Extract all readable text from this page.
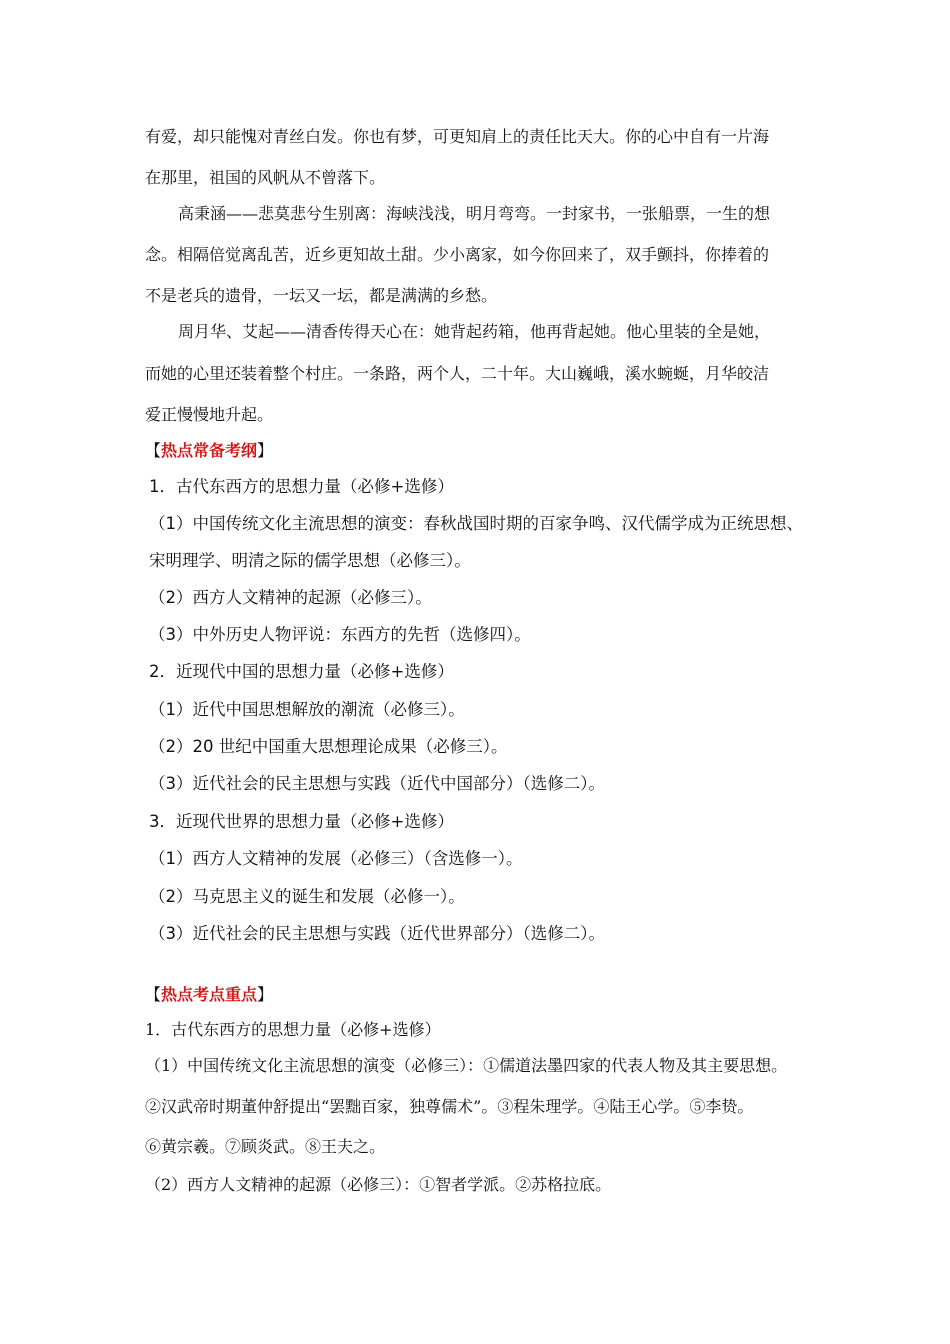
有爱，却只能愧对青丝白发。你也有梦，可更知肩上的责任比天大。你的心中自有一片海
在那里，祖国的风帆从不曾落下。
高秉涵——悲莫悲兮生别离：海峡浅浅，明月弯弯。一封家书，一张船票，一生的想
念。相隔倍觉离乱苦，近乡更知故土甜。少小离家，如今你回来了，双手颤抖，你捧着的
不是老兵的遗骨，一坛又一坛，都是满满的乡愁。
周月华、艾起——清香传得天心在：她背起药箱，他再背起她。他心里装的全是她，
而她的心里还装着整个村庄。一条路，两个人，二十年。大山巍峨，溪水蜿蜒，月华皎洁
爱正慢慢地升起。
【热点常备考纲】
1．古代东西方的思想力量（必修+选修）
（1）中国传统文化主流思想的演变：春秋战国时期的百家争鸣、汉代儒学成为正统思想、
宋明理学、明清之际的儒学思想（必修三）。
（2）西方人文精神的起源（必修三）。
（3）中外历史人物评说：东西方的先哲（选修四）。
2．近现代中国的思想力量（必修+选修）
（1）近代中国思想解放的潮流（必修三）。
（2）20 世纪中国重大思想理论成果（必修三）。
（3）近代社会的民主思想与实践（近代中国部分）（选修二）。
3．近现代世界的思想力量（必修+选修）
（1）西方人文精神的发展（必修三）（含选修一）。
（2）马克思主义的诞生和发展（必修一）。
（3）近代社会的民主思想与实践（近代世界部分）（选修二）。
【热点考点重点】
1．古代东西方的思想力量（必修+选修）
（1）中国传统文化主流思想的演变（必修三）：①儒道法墨四家的代表人物及其主要思想。
②汉武帝时期董仲舒提出“罢黜百家，独尊儒术”。③程朱理学。④陆王心学。⑤李贽。
⑥黄宗羲。⑦顾炎武。⑧王夫之。
（2）西方人文精神的起源（必修三）：①智者学派。②苏格拉底。
